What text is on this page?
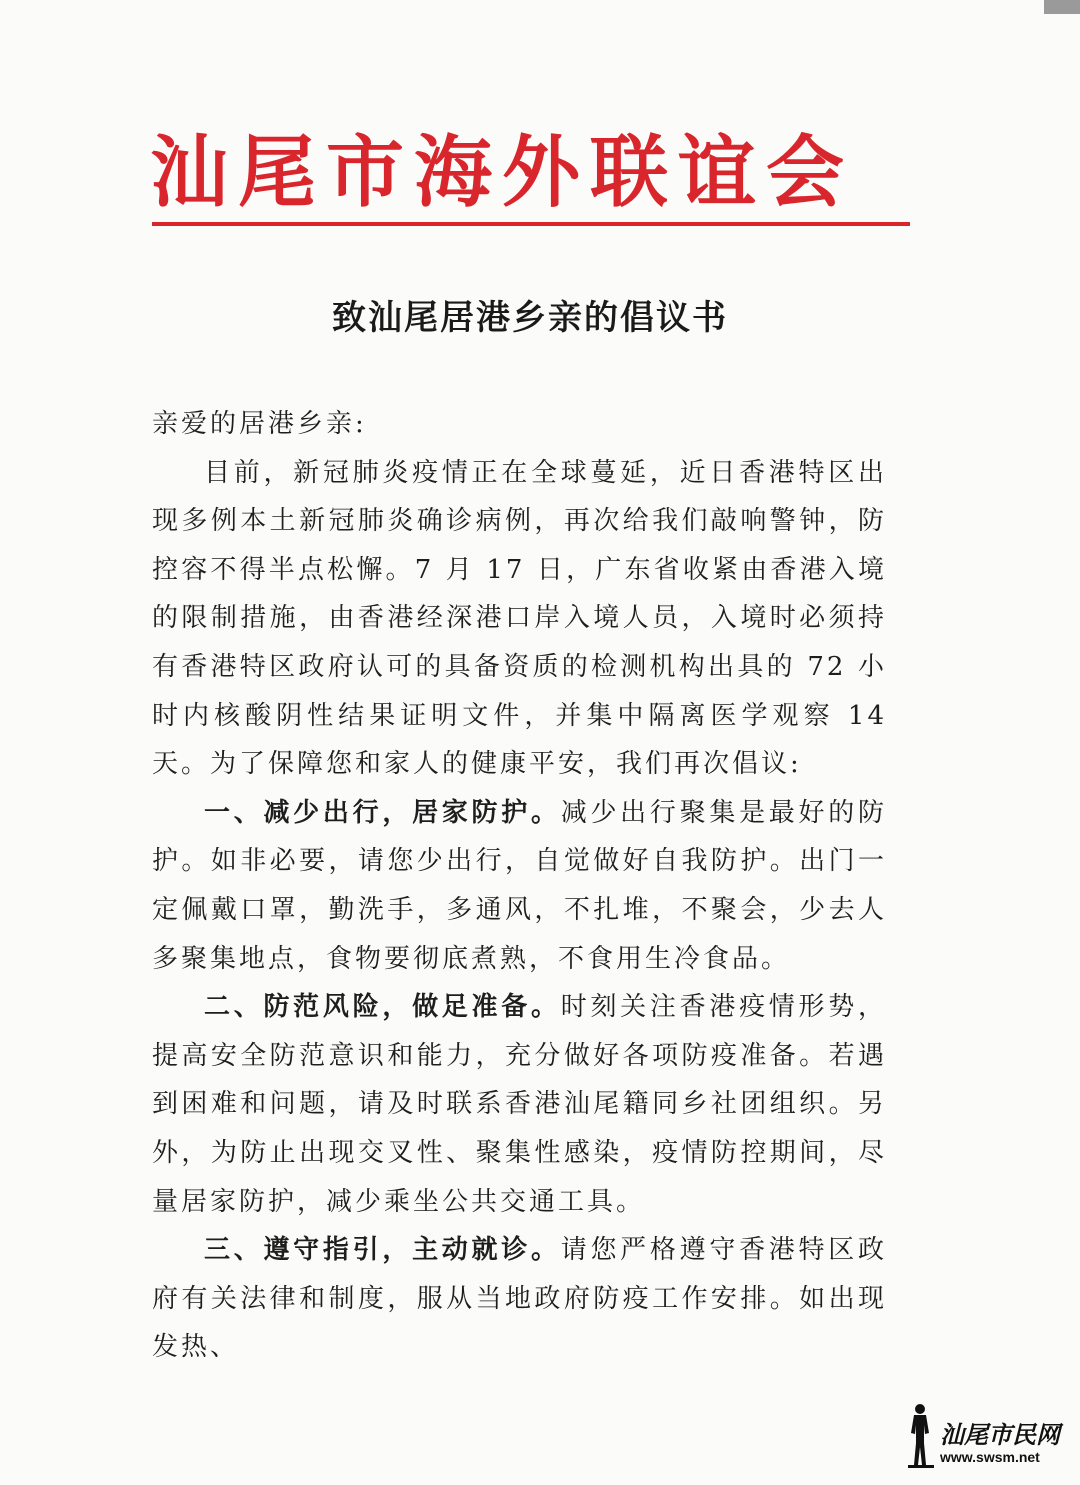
汕尾市海外联谊会
致汕尾居港乡亲的倡议书

亲爱的居港乡亲:

目前，新冠肺炎疫情正在全球蔓延，近日香港特区出现多例本土新冠肺炎确诊病例，再次给我们敲响警钟，防控容不得半点松懈。7 月 17 日，广东省收紧由香港入境的限制措施，由香港经深港口岸入境人员，入境时必须持有香港特区政府认可的具备资质的检测机构出具的 72 小时内核酸阴性结果证明文件，并集中隔离医学观察 14 天。为了保障您和家人的健康平安，我们再次倡议:

一、减少出行，居家防护。减少出行聚集是最好的防护。如非必要，请您少出行，自觉做好自我防护。出门一定佩戴口罩，勤洗手，多通风，不扎堆，不聚会，少去人多聚集地点，食物要彻底煮熟，不食用生冷食品。

二、防范风险，做足准备。时刻关注香港疫情形势，提高安全防范意识和能力，充分做好各项防疫准备。若遇到困难和问题，请及时联系香港汕尾籍同乡社团组织。另外，为防止出现交叉性、聚集性感染，疫情防控期间，尽量居家防护，减少乘坐公共交通工具。

三、遵守指引，主动就诊。请您严格遵守香港特区政府有关法律和制度，服从当地政府防疫工作安排。如出现发热、

汕尾市民网
www.swsm.net
